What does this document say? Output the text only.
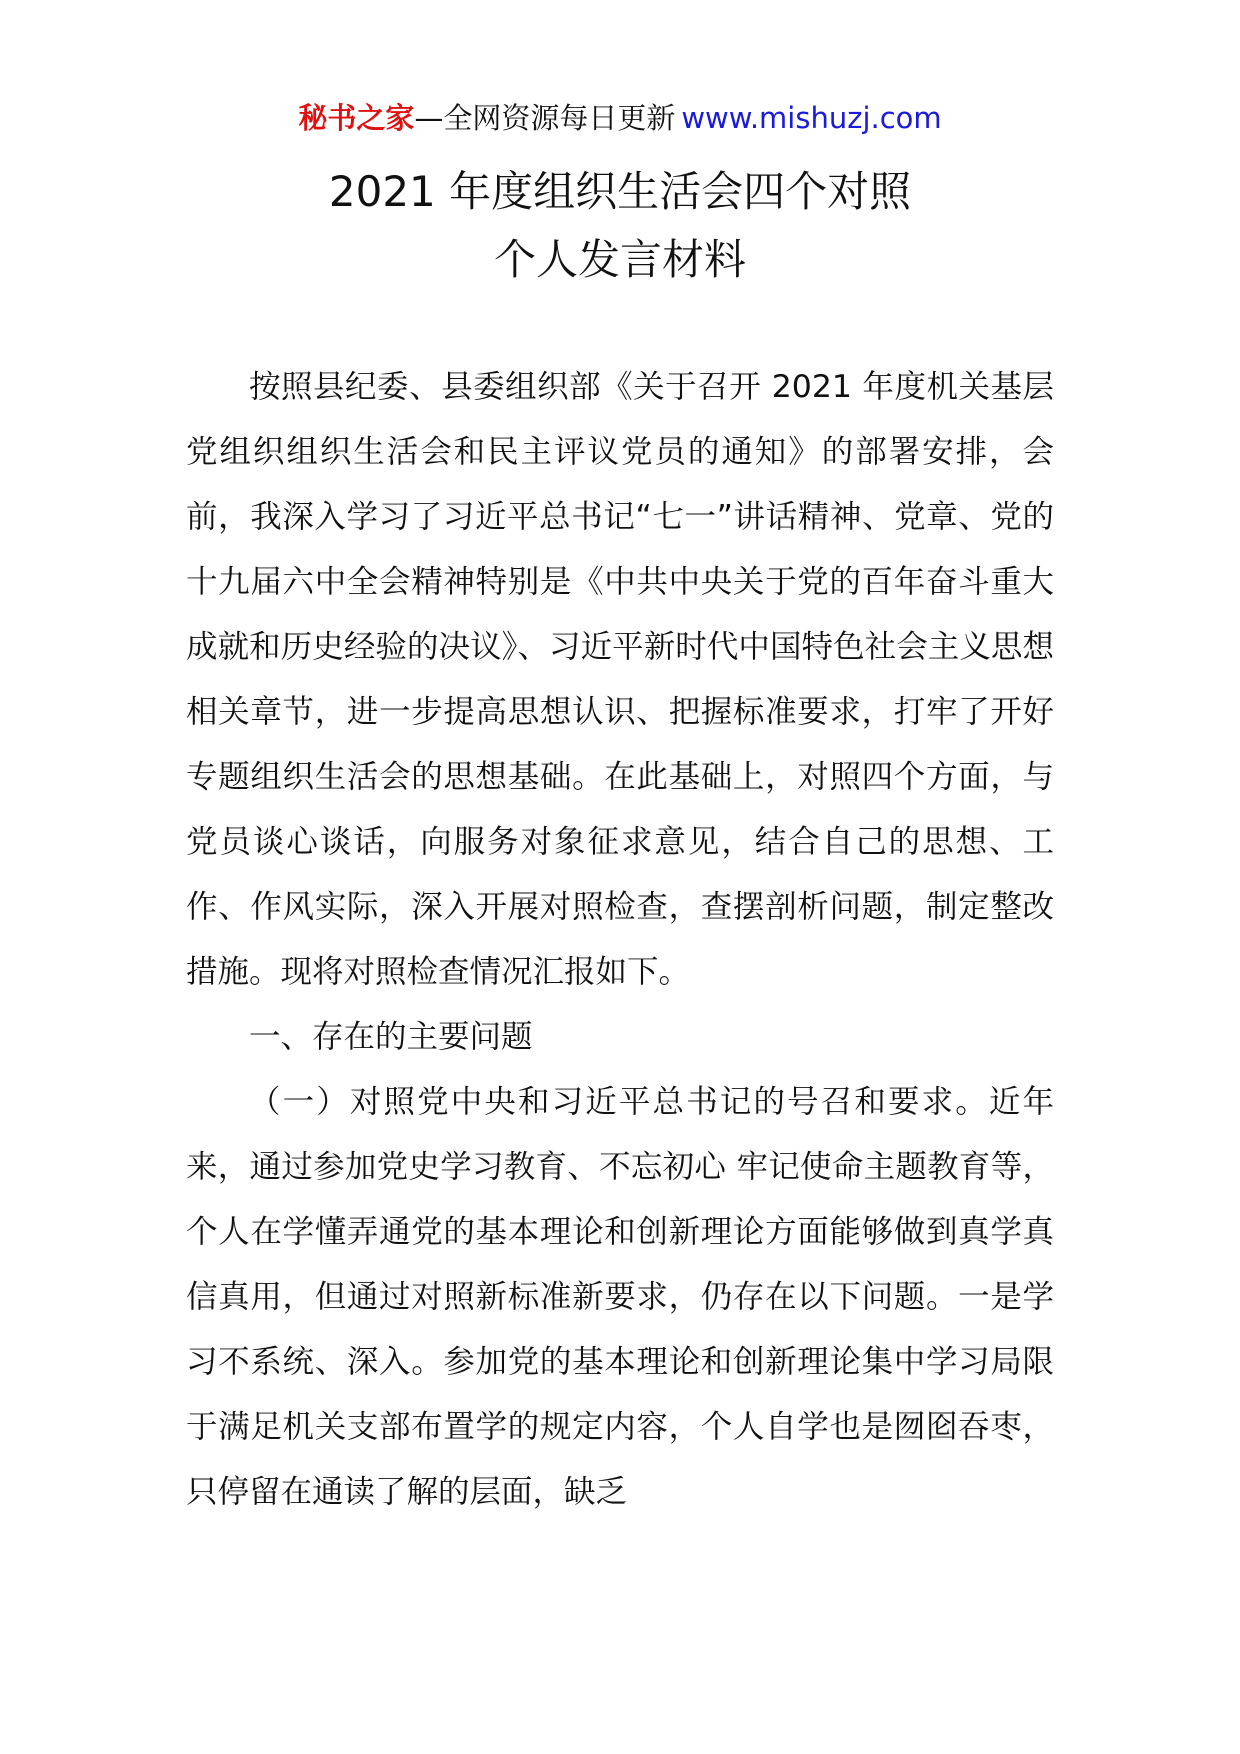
秘书之家—全网资源每日更新 www.mishuzj.com
2021 年度组织生活会四个对照
个人发言材料

按照县纪委、县委组织部《关于召开 2021 年度机关基层党组织组织生活会和民主评议党员的通知》的部署安排，会前，我深入学习了习近平总书记“七一”讲话精神、党章、党的十九届六中全会精神特别是《中共中央关于党的百年奋斗重大成就和历史经验的决议》、习近平新时代中国特色社会主义思想相关章节，进一步提高思想认识、把握标准要求，打牢了开好专题组织生活会的思想基础。在此基础上，对照四个方面，与党员谈心谈话，向服务对象征求意见，结合自己的思想、工作、作风实际，深入开展对照检查，查摆剖析问题，制定整改措施。现将对照检查情况汇报如下。

一、存在的主要问题

（一）对照党中央和习近平总书记的号召和要求。近年来，通过参加党史学习教育、不忘初心 牢记使命主题教育等，个人在学懂弄通党的基本理论和创新理论方面能够做到真学真信真用，但通过对照新标准新要求，仍存在以下问题。一是学习不系统、深入。参加党的基本理论和创新理论集中学习局限于满足机关支部布置学的规定内容，个人自学也是囫囵吞枣，只停留在通读了解的层面，缺乏
